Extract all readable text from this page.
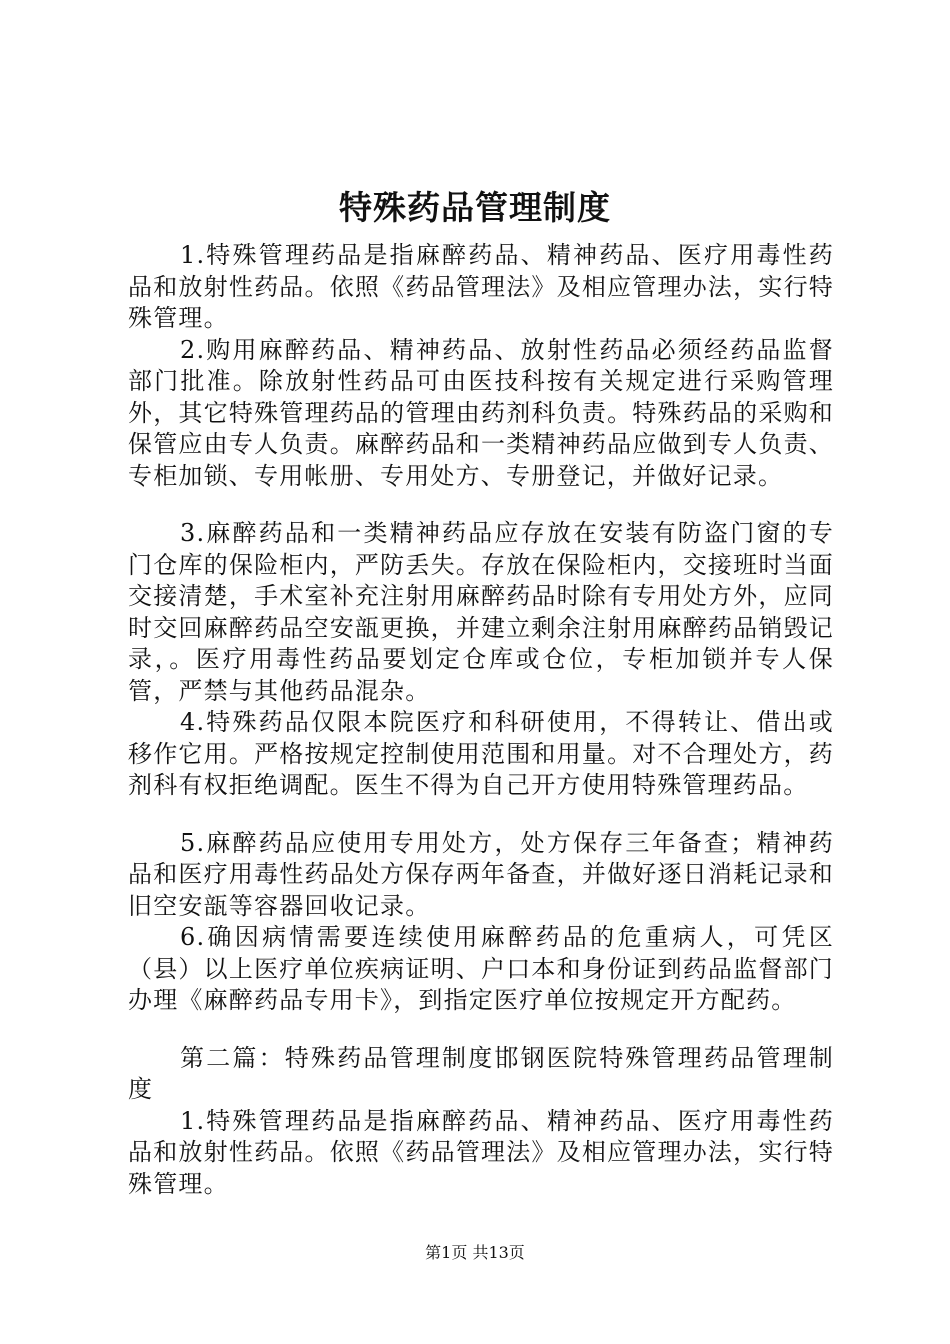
特殊药品管理制度

1.特殊管理药品是指麻醉药品、精神药品、医疗用毒性药品和放射性药品。依照《药品管理法》及相应管理办法，实行特殊管理。

2.购用麻醉药品、精神药品、放射性药品必须经药品监督部门批准。除放射性药品可由医技科按有关规定进行采购管理外，其它特殊管理药品的管理由药剂科负责。特殊药品的采购和保管应由专人负责。麻醉药品和一类精神药品应做到专人负责、专柜加锁、专用帐册、专用处方、专册登记，并做好记录。

3.麻醉药品和一类精神药品应存放在安装有防盗门窗的专门仓库的保险柜内，严防丢失。存放在保险柜内，交接班时当面交接清楚，手术室补充注射用麻醉药品时除有专用处方外，应同时交回麻醉药品空安瓿更换，并建立剩余注射用麻醉药品销毁记录，。医疗用毒性药品要划定仓库或仓位，专柜加锁并专人保管，严禁与其他药品混杂。

4.特殊药品仅限本院医疗和科研使用，不得转让、借出或移作它用。严格按规定控制使用范围和用量。对不合理处方，药剂科有权拒绝调配。医生不得为自己开方使用特殊管理药品。

5.麻醉药品应使用专用处方，处方保存三年备查；精神药品和医疗用毒性药品处方保存两年备查，并做好逐日消耗记录和旧空安瓿等容器回收记录。

6.确因病情需要连续使用麻醉药品的危重病人，可凭区（县）以上医疗单位疾病证明、户口本和身份证到药品监督部门办理《麻醉药品专用卡》，到指定医疗单位按规定开方配药。

第二篇：特殊药品管理制度邯钢医院特殊管理药品管理制度

1.特殊管理药品是指麻醉药品、精神药品、医疗用毒性药品和放射性药品。依照《药品管理法》及相应管理办法，实行特殊管理。

第1页 共13页
